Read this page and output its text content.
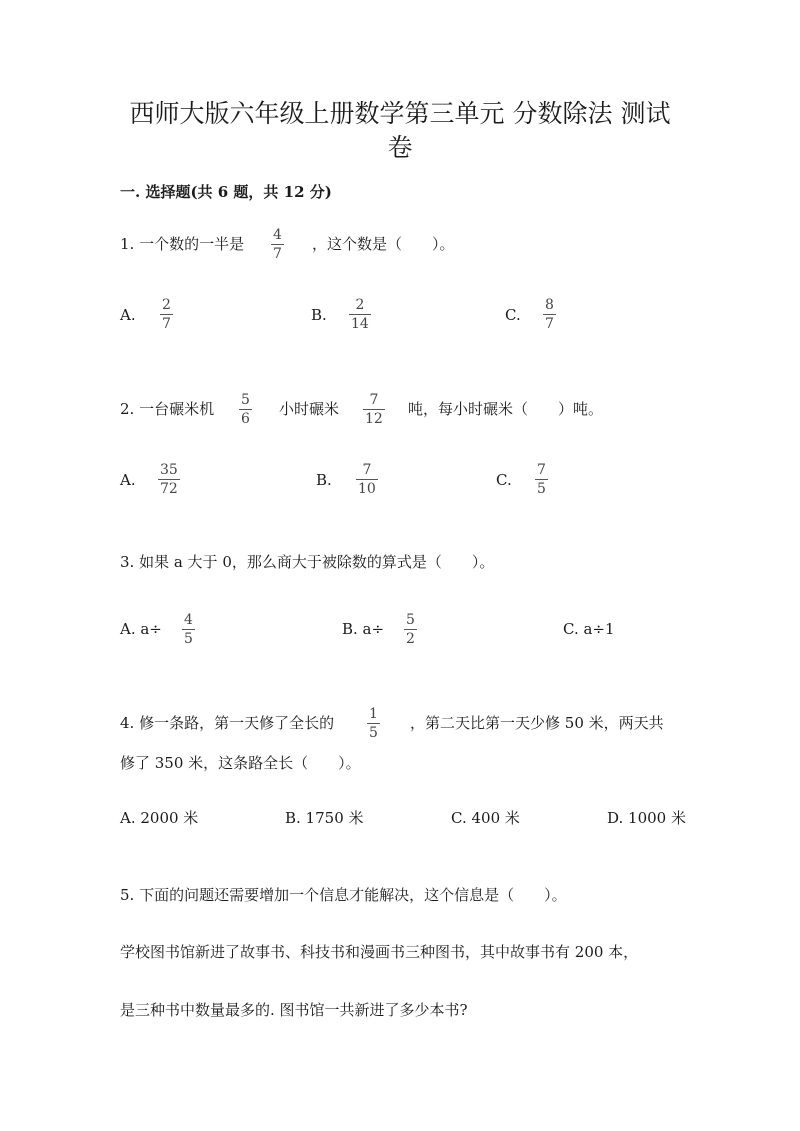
西师大版六年级上册数学第三单元 分数除法 测试
卷
一. 选择题(共 6 题，共 12 分)
1. 一个数的一半是 4
7
，这个数是（　　）。
A.
2
7	B.
2
14	C.
8
7
2. 一台碾米机 5
6
小时碾米 7
12
吨，每小时碾米（　　）吨。
A.
35
72	B.
7
10	C.
7
5
3. 如果 a 大于 0，那么商大于被除数的算式是（　　）。
A. a÷ 4
5
B. a÷ 5
2
C. a÷1
4. 修一条路，第一天修了全长的 1
5
，第二天比第一天少修 50 米，两天共
修了 350 米，这条路全长（　　）。
A. 2000 米	B. 1750 米	C. 400 米	D. 1000 米
5. 下面的问题还需要增加一个信息才能解决，这个信息是（　　）。
学校图书馆新进了故事书、科技书和漫画书三种图书，其中故事书有 200 本，
是三种书中数量最多的. 图书馆一共新进了多少本书?
